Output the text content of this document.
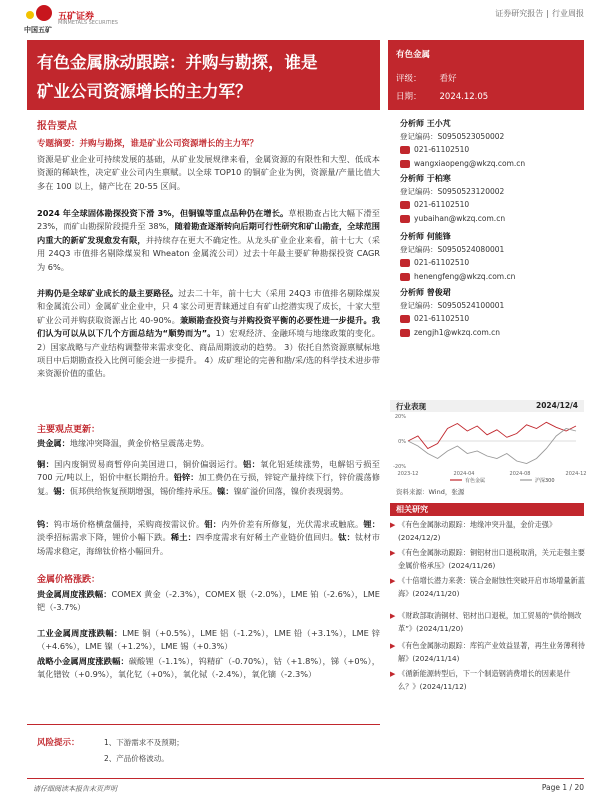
中国五矿
五矿证券
MINMETALS SECURITIES
证券研究报告 | 行业周报
有色金属脉动跟踪：并购与勘探，谁是
矿业公司资源增长的主力军？
有色金属
评级： 看好
日期： 2024.12.05
报告要点
专题摘要：并购与勘探，谁是矿业公司资源增长的主力军？
资源是矿业企业可持续发展的基础，从矿业发展规律来看，金属资源的有限性和大型、低成本资源的稀缺性，决定矿业公司内生禀赋。以全球 TOP10 的铜矿企业为例，资源量/产量比值大多在 100 以上，储产比在 20-55 区间。
2024 年全球固体勘探投资下滑 3%，但铜镍等重点品种仍在增长。草根勘查占比大幅下滑至 23%，而矿山勘探阶段提升至 38%，随着勘查逐渐转向后期可行性研究和矿山勘查，全球范围内重大的新矿发现愈发有限，并持续存在更大不确定性。从龙头矿业企业来看，前十七大（采用 24Q3 市值排名剔除煤炭和 Wheaton 金属流公司）过去十年最主要矿种勘探投资 CAGR 为 6%。
并购仍是全球矿业成长的最主要路径。过去二十年，前十七大（采用 24Q3 市值排名剔除煤炭和金属流公司）金属矿业企业中，只 4 家公司更青睐通过自有矿山挖潜实现了成长，十家大型矿业公司并购获取资源占比 40-90%。兼顾勘查投资与并购投资平衡的必要性进一步提升。我们认为可以从以下几个方面总结为“顺势而为”。1）宏观经济、金融环境与地缘政策的变化。 2）国家战略与产业结构调整带来需求变化、商品周期波动的趋势。 3）依托自然资源禀赋标地项目中后期勘查投入比例可能会进一步提升。 4）成矿理论的完善和勘/采/选的科学技术进步带来资源价值的重估。
主要观点更新：
贵金属：地缘冲突降温，黄金价格呈震荡走势。
铜：国内废铜贸易商暂停向美国进口，铜价偏弱运行。铝：氧化铝延续涨势，电解铝亏损至 700 元/吨以上，铝价中枢长期抬升。铅锌：加工费仍在亏损，锌锭产量持续下行，锌价震荡修复。锡：佤邦供给恢复预期增强，锡价维持承压。镍：镍矿溢价回落，镍价表现弱势。
钨：钨市场价格横盘僵持，采购商按需议价。钼：内外价差有所修复，光伏需求或触底。锂：淡季招标需求下降，锂价小幅下跌。稀土：四季度需求有好稀土产业链价值回归。钛：钛材市场需求稳定，海绵钛价格小幅回升。
金属价格涨跌：
贵金属周度涨跌幅：COMEX 黄金（-2.3%），COMEX 银（-2.0%），LME 铂（-2.6%），LME 钯（-3.7%）
工业金属周度涨跌幅：LME 铜（+0.5%），LME 铝（-1.2%），LME 铅（+3.1%），LME 锌（+4.6%），LME 镍（+1.2%），LME 锡（+0.3%）
战略小金属周度涨跌幅：碳酸锂（-1.1%），钨精矿（-0.70%），钴（+1.8%），锑（+0%），氧化镨钕（+0.9%），氧化钇（+0%），氧化铽（-2.4%），氧化镝（-2.3%）
风险提示：	1、下游需求不及预期；
2、产品价格波动。
分析师 王小芃
登记编码：S0950523050002
021-61102510
wangxiaopeng@wkzq.com.cn
分析师 于柏寒
登记编码：S0950523120002
021-61102510
yubaihan@wkzq.com.cn
分析师 何能锋
登记编码：S0950524080001
021-61102510
henengfeng@wkzq.com.cn
分析师 曾俊珺
登记编码：S0950524100001
021-61102510
zengjh1@wkzq.com.cn
2023-12	2024-04	2024-08	2024-12
20%
0%
-20%
有色金属	沪深300
行业表现	2024/12/4
资料来源：Wind，张源
相关研究
▶ 《有色金属脉动跟踪：地缘冲突升温，金价走强》(2024/12/2)
▶ 《有色金属脉动跟踪：铜铝材出口退税取消，关元走强主要金属价格承压》(2024/11/26)
▶ 《十倍增长潜力来袭：镁合金耐蚀性突破开启市场增量新蓝海》(2024/11/20)
▶ 《财政部取消铜材、铝材出口退税，加工贸易的“供给侧改革”》(2024/11/20)
▶ 《有色金属脉动跟踪：库钨产业效益显著，再生业务薄利待解》(2024/11/14)
▶ 《循新能源转型后，下一个制造钢消费增长的因素是什么？》(2024/11/12)
请仔细阅读本报告末页声明	Page 1 / 20
